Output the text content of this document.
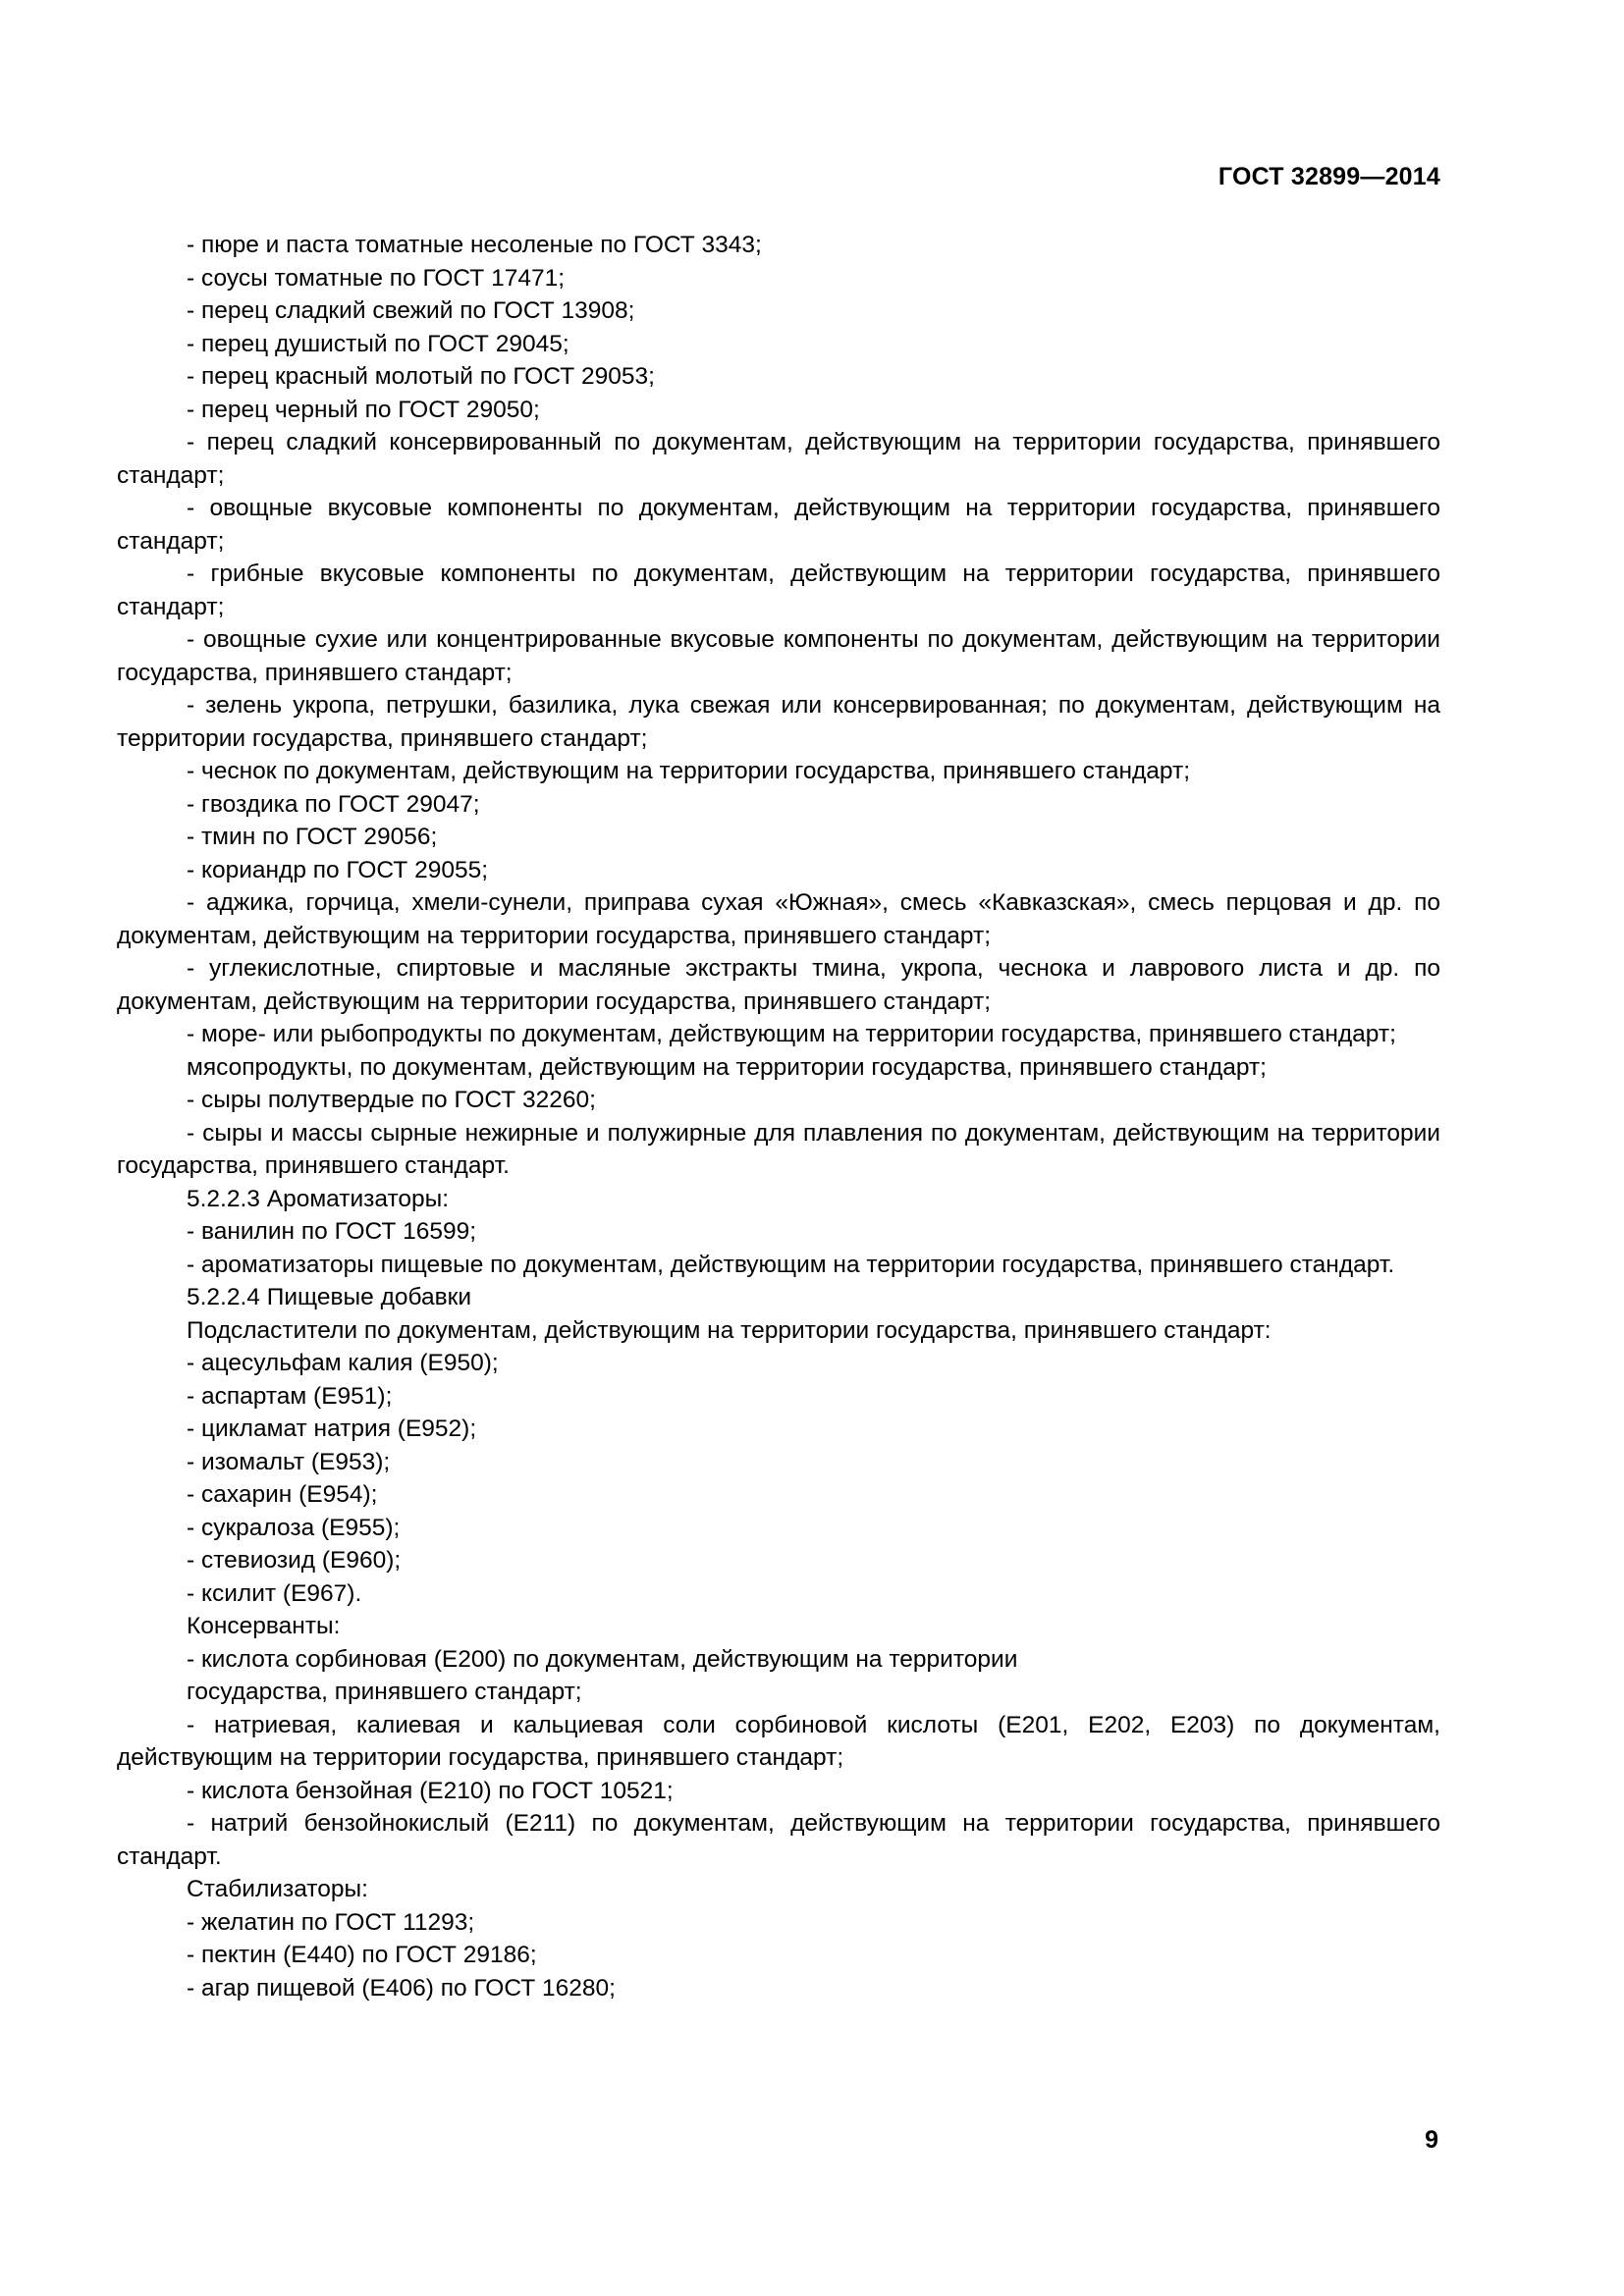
ГОСТ 32899—2014

- пюре и паста томатные несоленые по ГОСТ 3343;

- соусы томатные по ГОСТ 17471;

- перец сладкий свежий по ГОСТ 13908;

- перец душистый по ГОСТ 29045;

- перец красный молотый по ГОСТ 29053;

- перец черный по ГОСТ 29050;

- перец сладкий консервированный по документам, действующим на территории государства, принявшего стандарт;

- овощные вкусовые компоненты по документам, действующим на территории государства, принявшего стандарт;

- грибные вкусовые компоненты по документам, действующим на территории государства, принявшего стандарт;

- овощные сухие или концентрированные вкусовые компоненты по документам, действующим на территории государства, принявшего стандарт;

- зелень укропа, петрушки, базилика, лука свежая или консервированная; по документам, действующим на территории государства, принявшего стандарт;

- чеснок по документам, действующим на территории государства, принявшего стандарт;

- гвоздика по ГОСТ 29047;

- тмин по ГОСТ 29056;

- кориандр по ГОСТ 29055;

- аджика, горчица, хмели-сунели, приправа сухая «Южная», смесь «Кавказская», смесь перцовая и др. по документам, действующим на территории государства, принявшего стандарт;

- углекислотные, спиртовые и масляные экстракты тмина, укропа, чеснока и лаврового листа и др. по документам, действующим на территории государства, принявшего стандарт;

- море- или рыбопродукты по документам, действующим на территории государства, принявшего стандарт;

мясопродукты, по документам, действующим на территории государства, принявшего стандарт;

- сыры полутвердые по ГОСТ 32260;

- сыры и массы сырные нежирные и полужирные для плавления по документам, действующим на территории государства, принявшего стандарт.

5.2.2.3 Ароматизаторы:

- ванилин по ГОСТ 16599;

- ароматизаторы пищевые по документам, действующим на территории государства, принявшего стандарт.

5.2.2.4 Пищевые добавки

Подсластители по документам, действующим на территории государства, принявшего стандарт:

- ацесульфам калия (Е950);

- аспартам (Е951);

- цикламат натрия (Е952);

- изомальт (Е953);

- сахарин (Е954);

- сукралоза (Е955);

- стевиозид (Е960);

- ксилит (Е967).

Консерванты:

- кислота сорбиновая (Е200) по документам, действующим на территории

государства, принявшего стандарт;

- натриевая, калиевая и кальциевая соли сорбиновой кислоты (Е201, Е202, Е203) по документам, действующим на территории государства, принявшего стандарт;

- кислота бензойная (Е210) по ГОСТ 10521;

- натрий бензойнокислый (Е211) по документам, действующим на территории государства, принявшего стандарт.

Стабилизаторы:

- желатин по ГОСТ 11293;

- пектин (Е440) по ГОСТ 29186;

- агар пищевой (Е406) по ГОСТ 16280;

9
